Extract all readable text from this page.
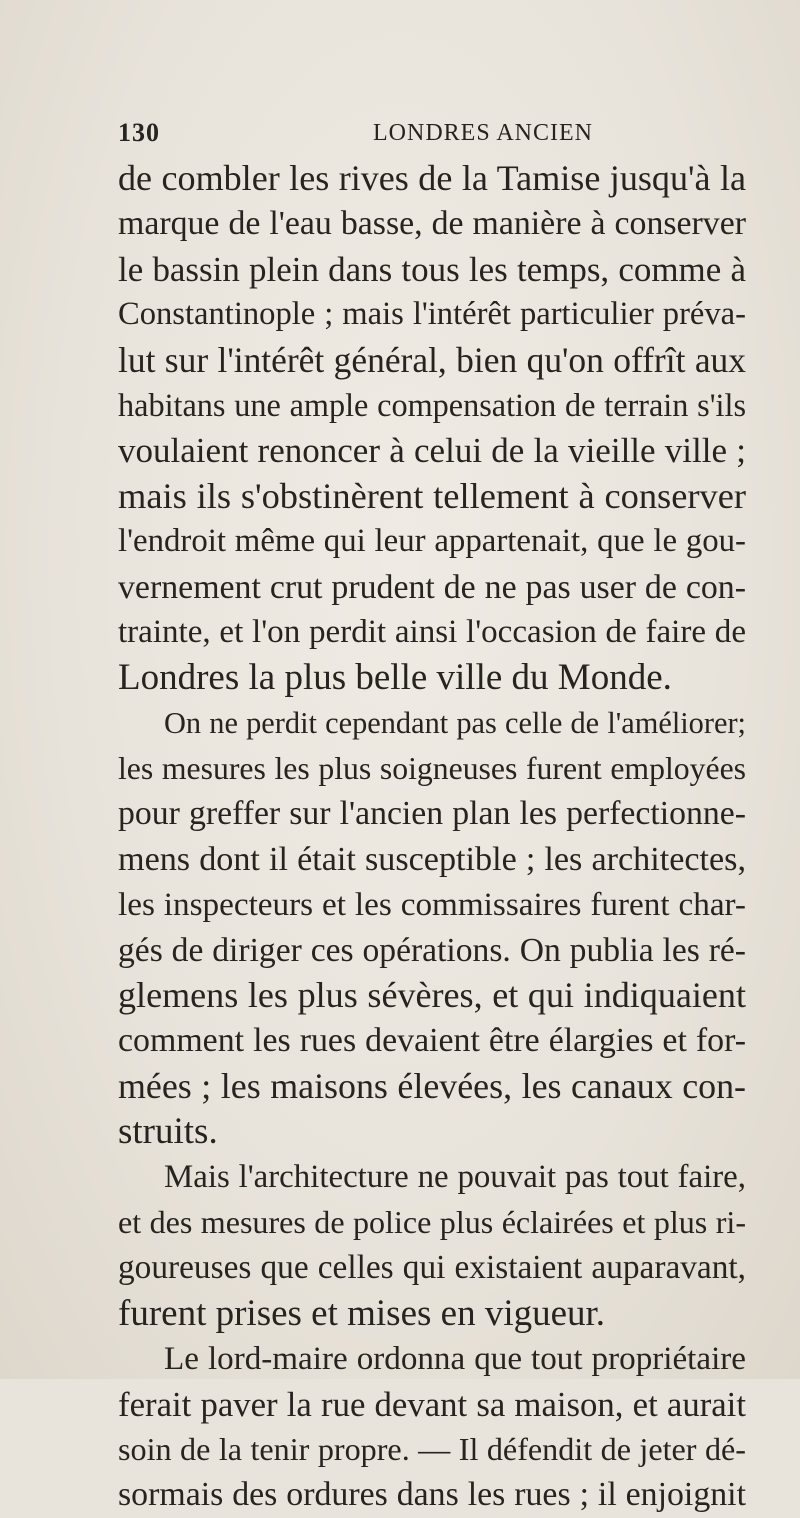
130	LONDRES ANCIEN
de combler les rives de la Tamise jusqu'à la
marque de l'eau basse, de manière à conserver
le bassin plein dans tous les temps, comme à
Constantinople ; mais l'intérêt particulier préva-
lut sur l'intérêt général, bien qu'on offrît aux
habitans une ample compensation de terrain s'ils
voulaient renoncer à celui de la vieille ville ;
mais ils s'obstinèrent tellement à conserver
l'endroit même qui leur appartenait, que le gou-
vernement crut prudent de ne pas user de con-
trainte, et l'on perdit ainsi l'occasion de faire de
Londres la plus belle ville du Monde.
On ne perdit cependant pas celle de l'améliorer;
les mesures les plus soigneuses furent employées
pour greffer sur l'ancien plan les perfectionne-
mens dont il était susceptible ; les architectes,
les inspecteurs et les commissaires furent char-
gés de diriger ces opérations. On publia les ré-
glemens les plus sévères, et qui indiquaient
comment les rues devaient être élargies et for-
mées ; les maisons élevées, les canaux con-
struits.
Mais l'architecture ne pouvait pas tout faire,
et des mesures de police plus éclairées et plus ri-
goureuses que celles qui existaient auparavant,
furent prises et mises en vigueur.
Le lord-maire ordonna que tout propriétaire
ferait paver la rue devant sa maison, et aurait
soin de la tenir propre. — Il défendit de jeter dé-
sormais des ordures dans les rues ; il enjoignit
